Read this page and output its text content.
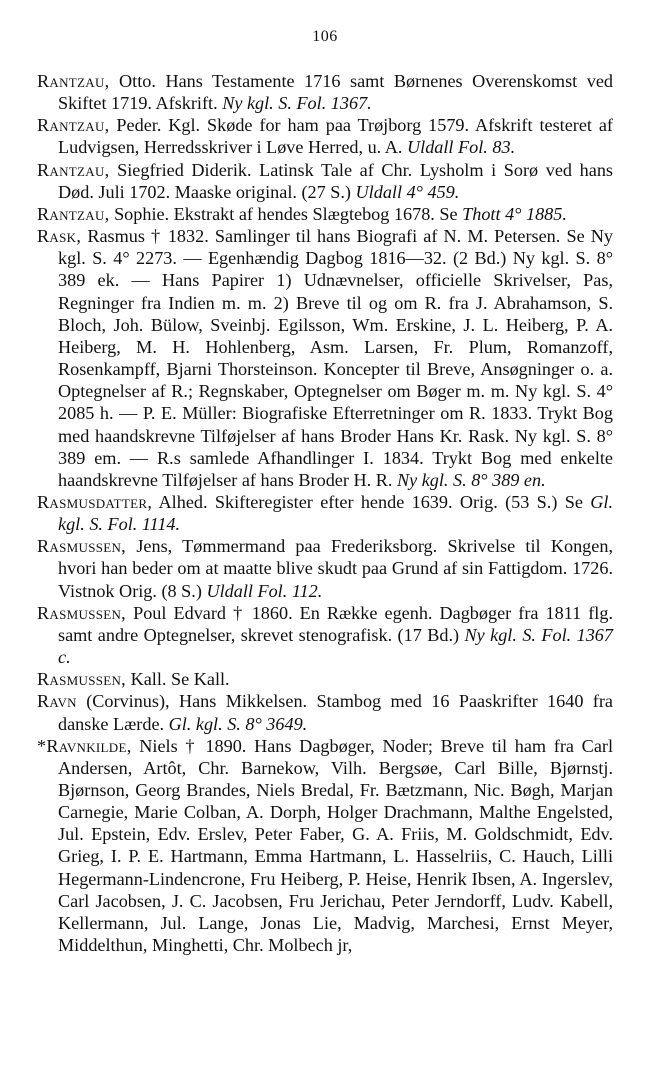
106

Rantzau, Otto. Hans Testamente 1716 samt Børnenes Overenskomst ved Skiftet 1719. Afskrift. Ny kgl. S. Fol. 1367.

Rantzau, Peder. Kgl. Skøde for ham paa Trøjborg 1579. Afskrift testeret af Ludvigsen, Herredsskriver i Løve Herred, u. A. Uldall Fol. 83.

Rantzau, Siegfried Diderik. Latinsk Tale af Chr. Lysholm i Sorø ved hans Død. Juli 1702. Maaske original. (27 S.) Uldall 4° 459.

Rantzau, Sophie. Ekstrakt af hendes Slægtebog 1678. Se Thott 4° 1885.

Rask, Rasmus † 1832. Samlinger til hans Biografi af N. M. Petersen. Se Ny kgl. S. 4° 2273. — Egenhændig Dagbog 1816—32. (2 Bd.) Ny kgl. S. 8° 389 ek. — Hans Papirer 1) Udnævnelser, officielle Skrivelser, Pas, Regninger fra Indien m. m. 2) Breve til og om R. fra J. Abrahamson, S. Bloch, Joh. Bülow, Sveinbj. Egilsson, Wm. Erskine, J. L. Heiberg, P. A. Heiberg, M. H. Hohlenberg, Asm. Larsen, Fr. Plum, Romanzoff, Rosenkampff, Bjarni Thorsteinson. Koncepter til Breve, Ansøgninger o. a. Optegnelser af R.; Regnskaber, Optegnelser om Bøger m. m. Ny kgl. S. 4° 2085 h. — P. E. Müller: Biografiske Efterretninger om R. 1833. Trykt Bog med haandskrevne Tilføjelser af hans Broder Hans Kr. Rask. Ny kgl. S. 8° 389 em. — R.s samlede Afhandlinger I. 1834. Trykt Bog med enkelte haandskrevne Tilføjelser af hans Broder H. R. Ny kgl. S. 8° 389 en.

Rasmusdatter, Alhed. Skifteregister efter hende 1639. Orig. (53 S.) Se Gl. kgl. S. Fol. 1114.

Rasmussen, Jens, Tømmermand paa Frederiksborg. Skrivelse til Kongen, hvori han beder om at maatte blive skudt paa Grund af sin Fattigdom. 1726. Vistnok Orig. (8 S.) Uldall Fol. 112.

Rasmussen, Poul Edvard † 1860. En Række egenh. Dagbøger fra 1811 flg. samt andre Optegnelser, skrevet stenografisk. (17 Bd.) Ny kgl. S. Fol. 1367 c.

Rasmussen, Kall. Se Kall.

Ravn (Corvinus), Hans Mikkelsen. Stambog med 16 Paaskrifter 1640 fra danske Lærde. Gl. kgl. S. 8° 3649.

*Ravnkilde, Niels † 1890. Hans Dagbøger, Noder; Breve til ham fra Carl Andersen, Artôt, Chr. Barnekow, Vilh. Bergsøe, Carl Bille, Bjørnstj. Bjørnson, Georg Brandes, Niels Bredal, Fr. Bætzmann, Nic. Bøgh, Marjan Carnegie, Marie Colban, A. Dorph, Holger Drachmann, Malthe Engelsted, Jul. Epstein, Edv. Erslev, Peter Faber, G. A. Friis, M. Goldschmidt, Edv. Grieg, I. P. E. Hartmann, Emma Hartmann, L. Hasselriis, C. Hauch, Lilli Hegermann-Lindencrone, Fru Heiberg, P. Heise, Henrik Ibsen, A. Ingerslev, Carl Jacobsen, J. C. Jacobsen, Fru Jerichau, Peter Jerndorff, Ludv. Kabell, Kellermann, Jul. Lange, Jonas Lie, Madvig, Marchesi, Ernst Meyer, Middelthun, Minghetti, Chr. Molbech jr,
